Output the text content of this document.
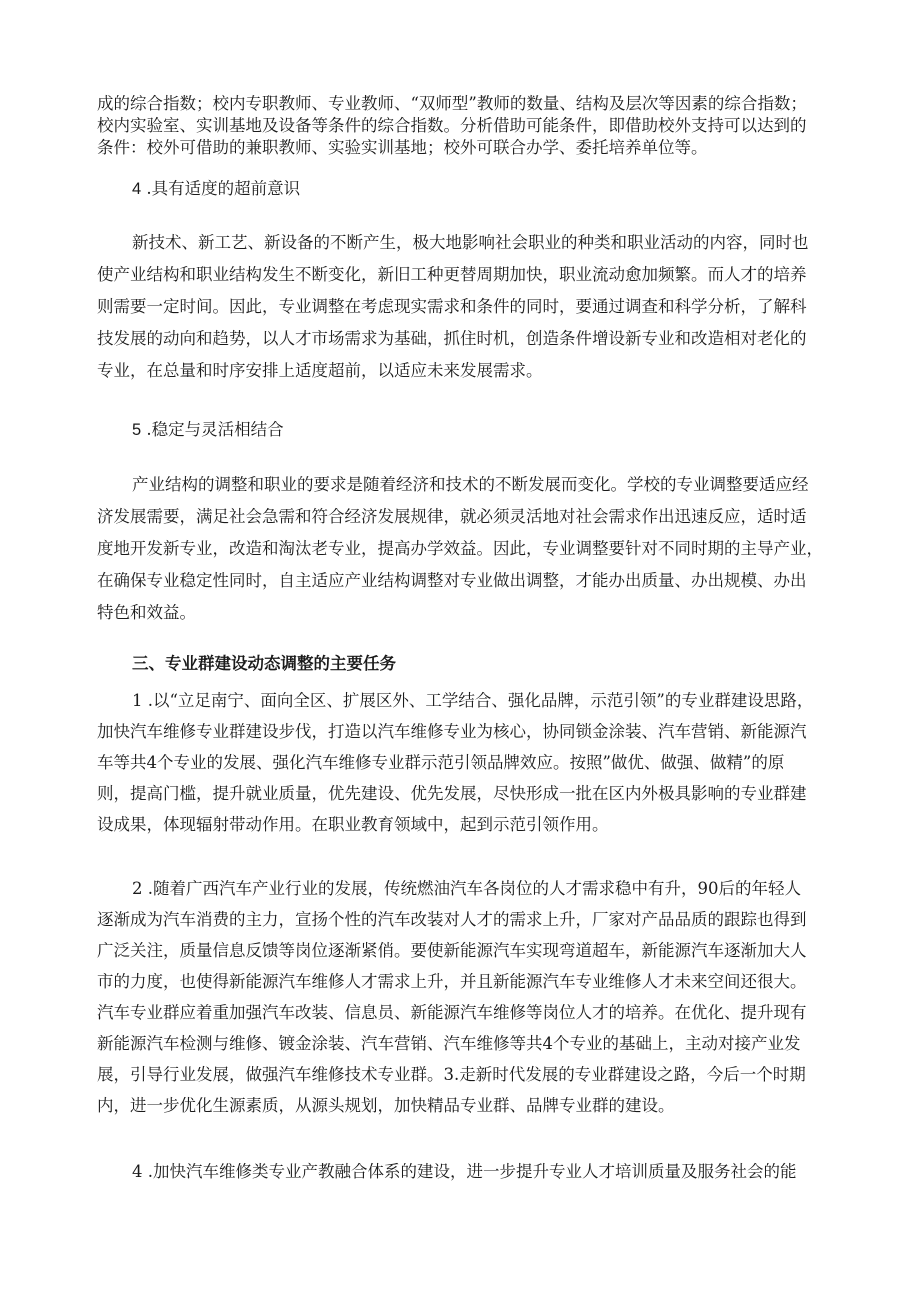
成的综合指数；校内专职教师、专业教师、“双师型”教师的数量、结构及层次等因素的综合指数；
校内实验室、实训基地及设备等条件的综合指数。分析借助可能条件，即借助校外支持可以达到的
条件：校外可借助的兼职教师、实验实训基地；校外可联合办学、委托培养单位等。

4 .具有适度的超前意识

新技术、新工艺、新设备的不断产生，极大地影响社会职业的种类和职业活动的内容，同时也
使产业结构和职业结构发生不断变化，新旧工种更替周期加快，职业流动愈加频繁。而人才的培养
则需要一定时间。因此，专业调整在考虑现实需求和条件的同时，要通过调查和科学分析，了解科
技发展的动向和趋势，以人才市场需求为基础，抓住时机，创造条件增设新专业和改造相对老化的
专业，在总量和时序安排上适度超前，以适应未来发展需求。

5 .稳定与灵活相结合

产业结构的调整和职业的要求是随着经济和技术的不断发展而变化。学校的专业调整要适应经
济发展需要，满足社会急需和符合经济发展规律，就必须灵活地对社会需求作出迅速反应，适时适
度地开发新专业，改造和淘汰老专业，提高办学效益。因此，专业调整要针对不同时期的主导产业，
在确保专业稳定性同时，自主适应产业结构调整对专业做出调整，才能办出质量、办出规模、办出
特色和效益。

三、专业群建设动态调整的主要任务

1 .以“立足南宁、面向全区、扩展区外、工学结合、强化品牌，示范引领”的专业群建设思路，
加快汽车维修专业群建设步伐，打造以汽车维修专业为核心，协同锁金涂装、汽车营销、新能源汽
车等共4个专业的发展、强化汽车维修专业群示范引领品牌效应。按照”做优、做强、做精”的原
则，提高门槛，提升就业质量，优先建设、优先发展，尽快形成一批在区内外极具影响的专业群建
设成果，体现辐射带动作用。在职业教育领域中，起到示范引领作用。

2 .随着广西汽车产业行业的发展，传统燃油汽车各岗位的人才需求稳中有升，90后的年轻人
逐渐成为汽车消费的主力，宣扬个性的汽车改装对人才的需求上升，厂家对产品品质的跟踪也得到
广泛关注，质量信息反馈等岗位逐渐紧俏。要使新能源汽车实现弯道超车，新能源汽车逐渐加大人
市的力度，也使得新能源汽车维修人才需求上升，并且新能源汽车专业维修人才未来空间还很大。
汽车专业群应着重加强汽车改装、信息员、新能源汽车维修等岗位人才的培养。在优化、提升现有
新能源汽车检测与维修、镀金涂装、汽车营销、汽车维修等共4个专业的基础上，主动对接产业发
展，引导行业发展，做强汽车维修技术专业群。3.走新时代发展的专业群建设之路，今后一个时期
内，进一步优化生源素质，从源头规划，加快精品专业群、品牌专业群的建设。

4 .加快汽车维修类专业产教融合体系的建设，进一步提升专业人才培训质量及服务社会的能
